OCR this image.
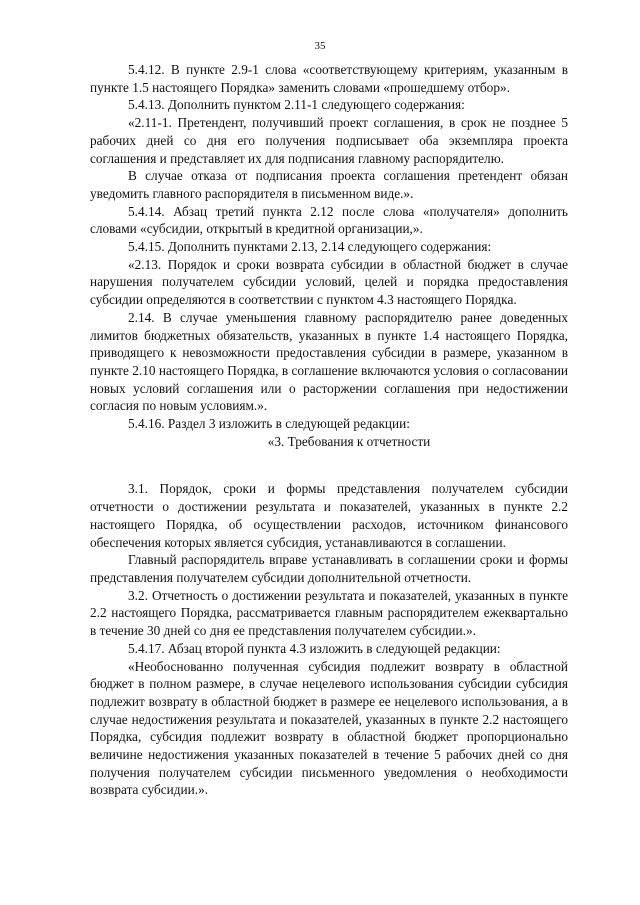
35

5.4.12. В пункте 2.9-1 слова «соответствующему критериям, указанным в пункте 1.5 настоящего Порядка» заменить словами «прошедшему отбор».

5.4.13. Дополнить пунктом 2.11-1 следующего содержания:

«2.11-1. Претендент, получивший проект соглашения, в срок не позднее 5 рабочих дней со дня его получения подписывает оба экземпляра проекта соглашения и представляет их для подписания главному распорядителю.

В случае отказа от подписания проекта соглашения претендент обязан уведомить главного распорядителя в письменном виде.».

5.4.14. Абзац третий пункта 2.12 после слова «получателя» дополнить словами «субсидии, открытый в кредитной организации,».

5.4.15. Дополнить пунктами 2.13, 2.14 следующего содержания:

«2.13. Порядок и сроки возврата субсидии в областной бюджет в случае нарушения получателем субсидии условий, целей и порядка предоставления субсидии определяются в соответствии с пунктом 4.3 настоящего Порядка.

2.14. В случае уменьшения главному распорядителю ранее доведенных лимитов бюджетных обязательств, указанных в пункте 1.4 настоящего Порядка, приводящего к невозможности предоставления субсидии в размере, указанном в пункте 2.10 настоящего Порядка, в соглашение включаются условия о согласовании новых условий соглашения или о расторжении соглашения при недостижении согласия по новым условиям.».

5.4.16. Раздел 3 изложить в следующей редакции:

«3. Требования к отчетности

3.1. Порядок, сроки и формы представления получателем субсидии отчетности о достижении результата и показателей, указанных в пункте 2.2 настоящего Порядка, об осуществлении расходов, источником финансового обеспечения которых является субсидия, устанавливаются в соглашении.

Главный распорядитель вправе устанавливать в соглашении сроки и формы представления получателем субсидии дополнительной отчетности.

3.2. Отчетность о достижении результата и показателей, указанных в пункте 2.2 настоящего Порядка, рассматривается главным распорядителем ежеквартально в течение 30 дней со дня ее представления получателем субсидии.».

5.4.17. Абзац второй пункта 4.3 изложить в следующей редакции:

«Необоснованно полученная субсидия подлежит возврату в областной бюджет в полном размере, в случае нецелевого использования субсидии субсидия подлежит возврату в областной бюджет в размере ее нецелевого использования, а в случае недостижения результата и показателей, указанных в пункте 2.2 настоящего Порядка, субсидия подлежит возврату в областной бюджет пропорционально величине недостижения указанных показателей в течение 5 рабочих дней со дня получения получателем субсидии письменного уведомления о необходимости возврата субсидии.».
